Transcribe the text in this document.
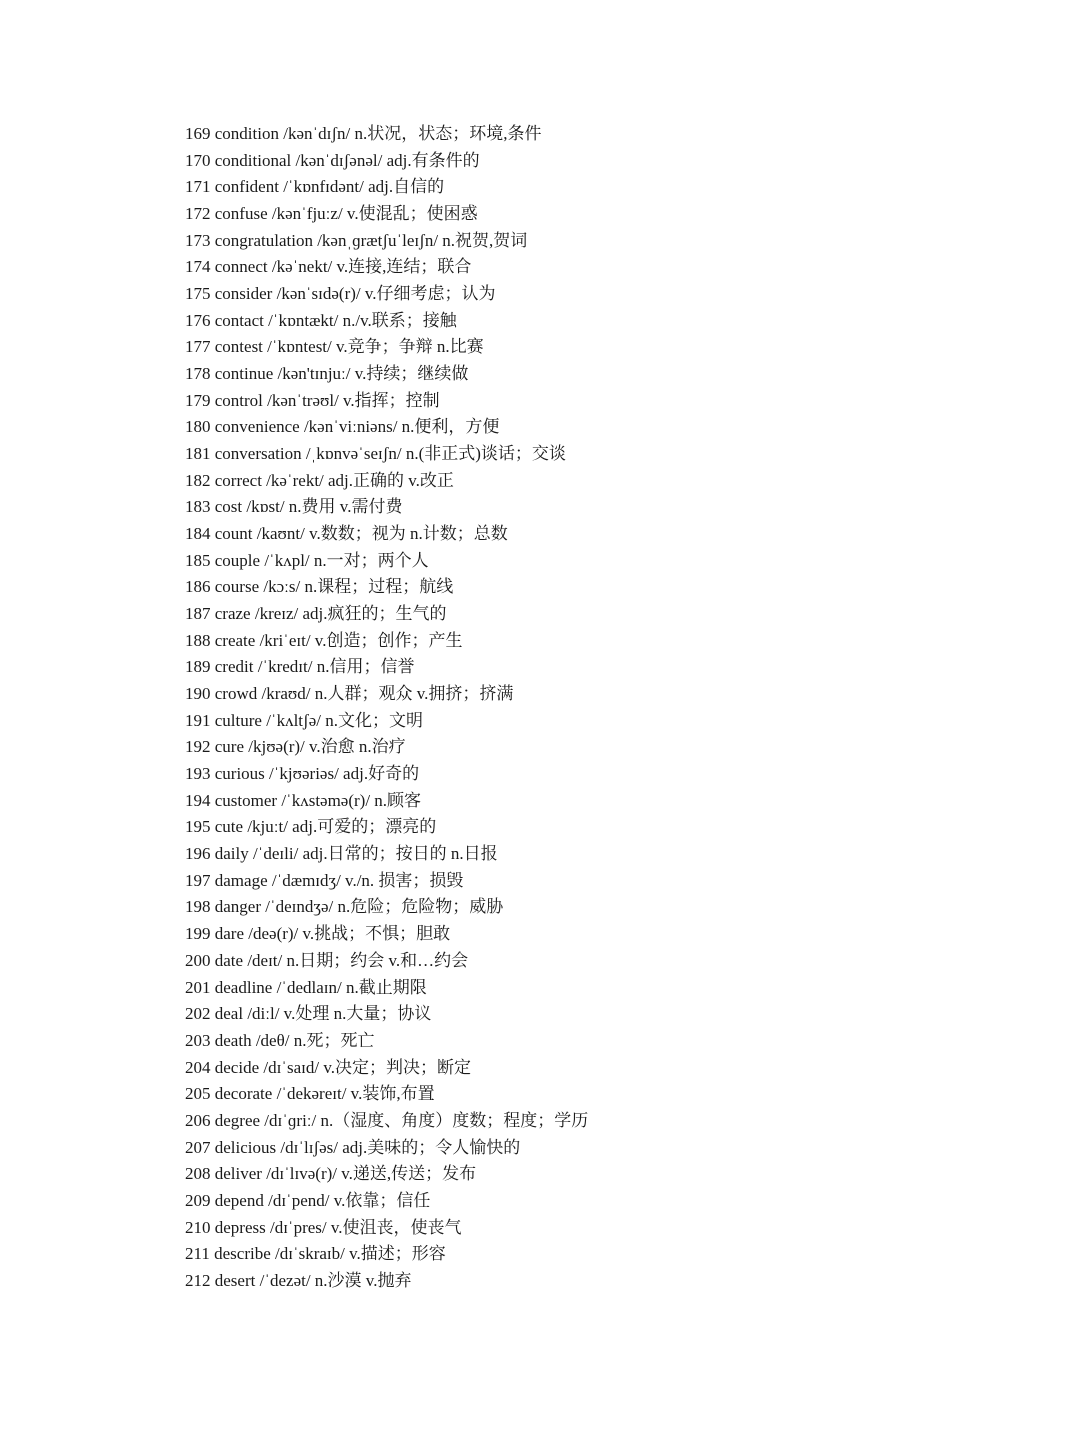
169 condition /kənˈdɪʃn/ n.状况，状态；环境,条件
170 conditional /kənˈdɪʃənəl/ adj.有条件的
171 confident /ˈkɒnfɪdənt/ adj.自信的
172 confuse /kənˈfjuːz/ v.使混乱；使困惑
173 congratulation /kənˌɡrætʃuˈleɪʃn/ n.祝贺,贺词
174 connect /kəˈnekt/ v.连接,连结；联合
175 consider /kənˈsɪdə(r)/ v.仔细考虑；认为
176 contact /ˈkɒntækt/ n./v.联系；接触
177 contest /ˈkɒntest/ v.竞争；争辩 n.比赛
178 continue /kən'tɪnjuː/ v.持续；继续做
179 control /kənˈtrəʊl/ v.指挥；控制
180 convenience /kənˈviːniəns/ n.便利，方便
181 conversation /ˌkɒnvəˈseɪʃn/ n.(非正式)谈话；交谈
182 correct /kəˈrekt/ adj.正确的 v.改正
183 cost /kɒst/ n.费用 v.需付费
184 count /kaʊnt/ v.数数；视为 n.计数；总数
185 couple /ˈkʌpl/ n.一对；两个人
186 course /kɔːs/ n.课程；过程；航线
187 craze /kreɪz/ adj.疯狂的；生气的
188 create /kriˈeɪt/ v.创造；创作；产生
189 credit /ˈkredɪt/ n.信用；信誉
190 crowd /kraʊd/ n.人群；观众 v.拥挤；挤满
191 culture /ˈkʌltʃə/ n.文化；文明
192 cure /kjʊə(r)/ v.治愈 n.治疗
193 curious /ˈkjʊəriəs/ adj.好奇的
194 customer /ˈkʌstəmə(r)/ n.顾客
195 cute /kjuːt/ adj.可爱的；漂亮的
196 daily /ˈdeɪli/ adj.日常的；按日的 n.日报
197 damage /ˈdæmɪdʒ/ v./n. 损害；损毁
198 danger /ˈdeɪndʒə/ n.危险；危险物；威胁
199 dare /deə(r)/ v.挑战；不惧；胆敢
200 date /deɪt/ n.日期；约会 v.和…约会
201 deadline /ˈdedlaɪn/ n.截止期限
202 deal /diːl/ v.处理 n.大量；协议
203 death /deθ/ n.死；死亡
204 decide /dɪˈsaɪd/ v.决定；判决；断定
205 decorate /ˈdekəreɪt/ v.装饰,布置
206 degree /dɪˈɡriː/ n.（湿度、角度）度数；程度；学历
207 delicious /dɪˈlɪʃəs/ adj.美味的；令人愉快的
208 deliver /dɪˈlɪvə(r)/ v.递送,传送；发布
209 depend /dɪˈpend/ v.依靠；信任
210 depress /dɪˈpres/ v.使沮丧，使丧气
211 describe /dɪˈskraɪb/ v.描述；形容
212 desert /ˈdezət/ n.沙漠 v.抛弃
